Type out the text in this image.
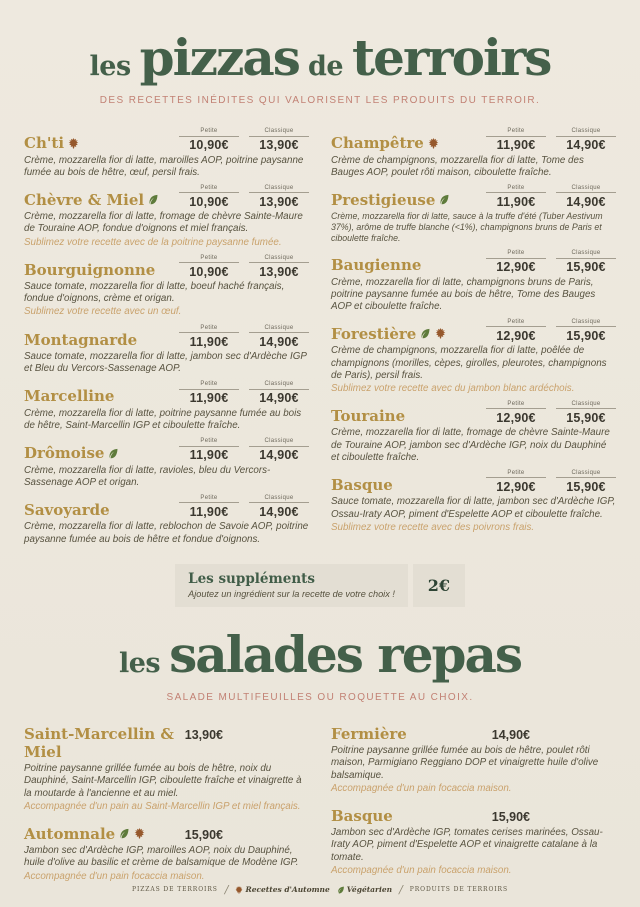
les pizzas de terroirs
DES RECETTES INÉDITES QUI VALORISENT LES PRODUITS DU TERROIR.
Ch'ti
Petite
10,90€
Classique
13,90€

Crème, mozzarella fior di latte, maroilles AOP, poitrine paysanne fumée au bois de hêtre, œuf, persil frais.

Chèvre & Miel
Petite
10,90€
Classique
13,90€

Crème, mozzarella fior di latte, fromage de chèvre Sainte-Maure de Touraine AOP, fondue d'oignons et miel français.

Sublimez votre recette avec de la poitrine paysanne fumée.

Bourguignonne
Petite
10,90€
Classique
13,90€

Sauce tomate, mozzarella fior di latte, boeuf haché français, fondue d'oignons, crème et origan.

Sublimez votre recette avec un œuf.

Montagnarde
Petite
11,90€
Classique
14,90€

Sauce tomate, mozzarella fior di latte, jambon sec d'Ardèche IGP et Bleu du Vercors-Sassenage AOP.

Marcelline
Petite
11,90€
Classique
14,90€

Crème, mozzarella fior di latte, poitrine paysanne fumée au bois de hêtre, Saint-Marcellin IGP et ciboulette fraîche.

Drômoise
Petite
11,90€
Classique
14,90€

Crème, mozzarella fior di latte, ravioles, bleu du Vercors-Sassenage AOP et origan.

Savoyarde
Petite
11,90€
Classique
14,90€

Crème, mozzarella fior di latte, reblochon de Savoie AOP, poitrine paysanne fumée au bois de hêtre et fondue d'oignons.

Champêtre
Petite
11,90€
Classique
14,90€

Crème de champignons, mozzarella fior di latte, Tome des Bauges AOP, poulet rôti maison, ciboulette fraîche.

Prestigieuse
Petite
11,90€
Classique
14,90€

Crème, mozzarella fior di latte, sauce à la truffe d'été (Tuber Aestivum 37%), arôme de truffe blanche (<1%), champignons bruns de Paris et ciboulette fraîche.

Baugienne
Petite
12,90€
Classique
15,90€

Crème, mozzarella fior di latte, champignons bruns de Paris, poitrine paysanne fumée au bois de hêtre, Tome des Bauges AOP et ciboulette fraîche.

Forestière
Petite
12,90€
Classique
15,90€

Crème de champignons, mozzarella fior di latte, poêlée de champignons (morilles, cèpes, girolles, pleurotes, champignons de Paris), persil frais.

Sublimez votre recette avec du jambon blanc ardéchois.

Touraine
Petite
12,90€
Classique
15,90€

Crème, mozzarella fior di latte, fromage de chèvre Sainte-Maure de Touraine AOP, jambon sec d'Ardèche IGP, noix du Dauphiné et ciboulette fraîche.

Basque
Petite
12,90€
Classique
15,90€

Sauce tomate, mozzarella fior di latte, jambon sec d'Ardèche IGP, Ossau-Iraty AOP, piment d'Espelette AOP et ciboulette fraîche.

Sublimez votre recette avec des poivrons frais.

Les suppléments
Ajoutez un ingrédient sur la recette de votre choix !	2€
les salades repas
SALADE MULTIFEUILLES OU ROQUETTE AU CHOIX.
Saint-Marcellin & Miel
13,90€

Poitrine paysanne grillée fumée au bois de hêtre, noix du Dauphiné, Saint-Marcellin IGP, ciboulette fraîche et vinaigrette à la moutarde à l'ancienne et au miel.

Accompagnée d'un pain au Saint-Marcellin IGP et miel français.

Automnale	15,90€

Jambon sec d'Ardèche IGP, maroilles AOP, noix du Dauphiné, huile d'olive au basilic et crème de balsamique de Modène IGP.

Accompagnée d'un pain focaccia maison.

Fermière	14,90€

Poitrine paysanne grillée fumée au bois de hêtre, poulet rôti maison, Parmigiano Reggiano DOP et vinaigrette huile d'olive balsamique.

Accompagnée d'un pain focaccia maison.

Basque	15,90€

Jambon sec d'Ardèche IGP, tomates cerises marinées, Ossau-Iraty AOP, piment d'Espelette AOP et vinaigrette catalane à la tomate.

Accompagnée d'un pain focaccia maison.

PIZZAS DE TERROIRS / Recettes d'Automne Végétarien / PRODUITS DE TERROIRS
